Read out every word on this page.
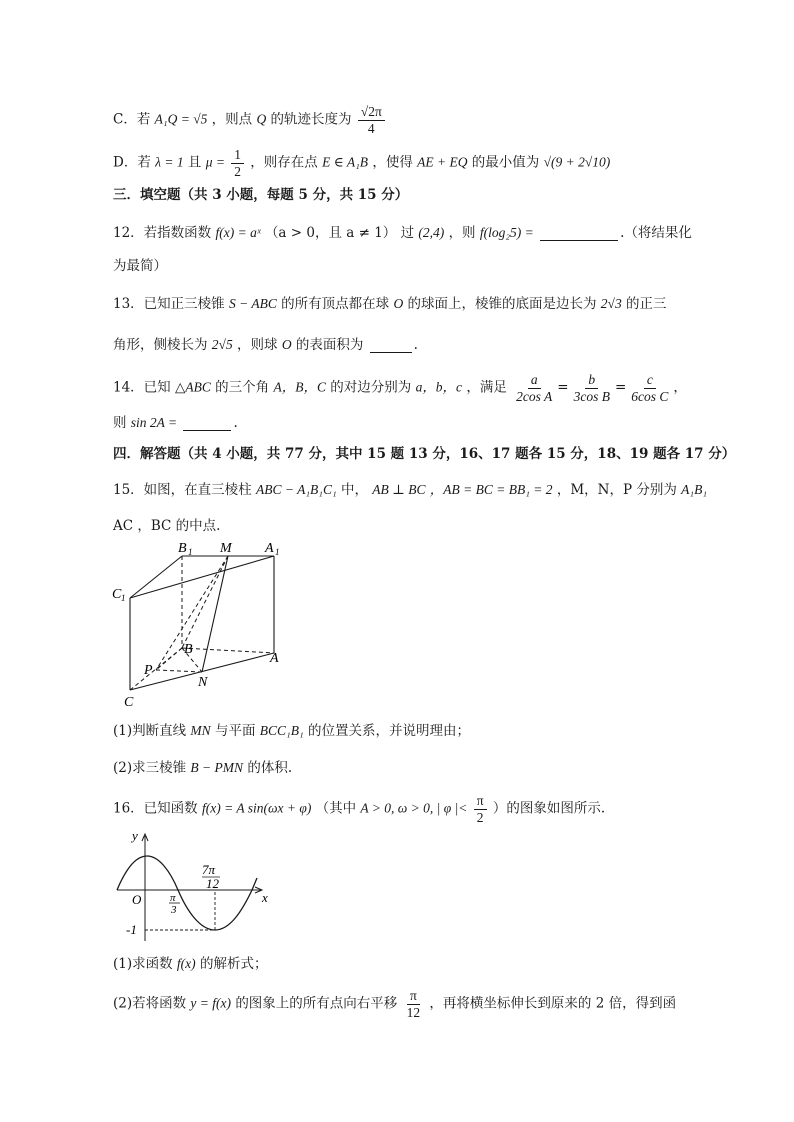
C．若 A₁Q = √5 ，则点 Q 的轨迹长度为 $\frac{√2\pi}{4}$
D．若 λ = 1 且 $\mu = \frac{1}{2}$ ，则存在点 E ∈ A₁B ，使得 AE + EQ 的最小值为 √(9 + 2√10)
三．填空题（共 3 小题，每题 5 分，共 15 分）
12．若指数函数 f(x) = aˣ （a > 0，且 a ≠ 1） 过 (2,4) ，则 f(log₂5) =	.（将结果化
为最简）
13．已知正三棱锥 S − ABC 的所有顶点都在球 O 的球面上，棱锥的底面是边长为 2√3 的正三
角形，侧棱长为 2√5 ，则球 O 的表面积为	.
14．已知 △ABC 的三个角 A，B，C 的对边分别为 a，b，c ，满足 $\frac{a}{\text{2cos A}} = \frac{b}{\text{3cos B}} = \frac{c}{\text{6cos C}}$ ，
则 sin 2A =	.
四．解答题（共 4 小题，共 77 分，其中 15 题 13 分，16、17 题各 15 分，18、19 题各 17 分）
15．如图，在直三棱柱 ABC − A₁B₁C₁ 中， AB ⊥ BC ，AB = BC = BB₁ = 2 ，M，N，P 分别为 A₁B₁
AC ，BC 的中点.
B 1 M A 1
C 1
B
P
A
N
C
(1)判断直线 MN 与平面 BCC₁B₁ 的位置关系，并说明理由；
(2)求三棱锥 B − PMN 的体积.
16．已知函数 f(x) = A sin(ωx + φ) （其中 A > 0, ω > 0, | φ |< $\frac{\pi}{2}$ ）的图象如图所示.
y
x
O
7π
12
π
3
-1
(1)求函数 f(x) 的解析式；
(2)若将函数 y = f(x) 的图象上的所有点向右平移 $\frac{\pi}{12}$ ，再将横坐标伸长到原来的 2 倍，得到函
